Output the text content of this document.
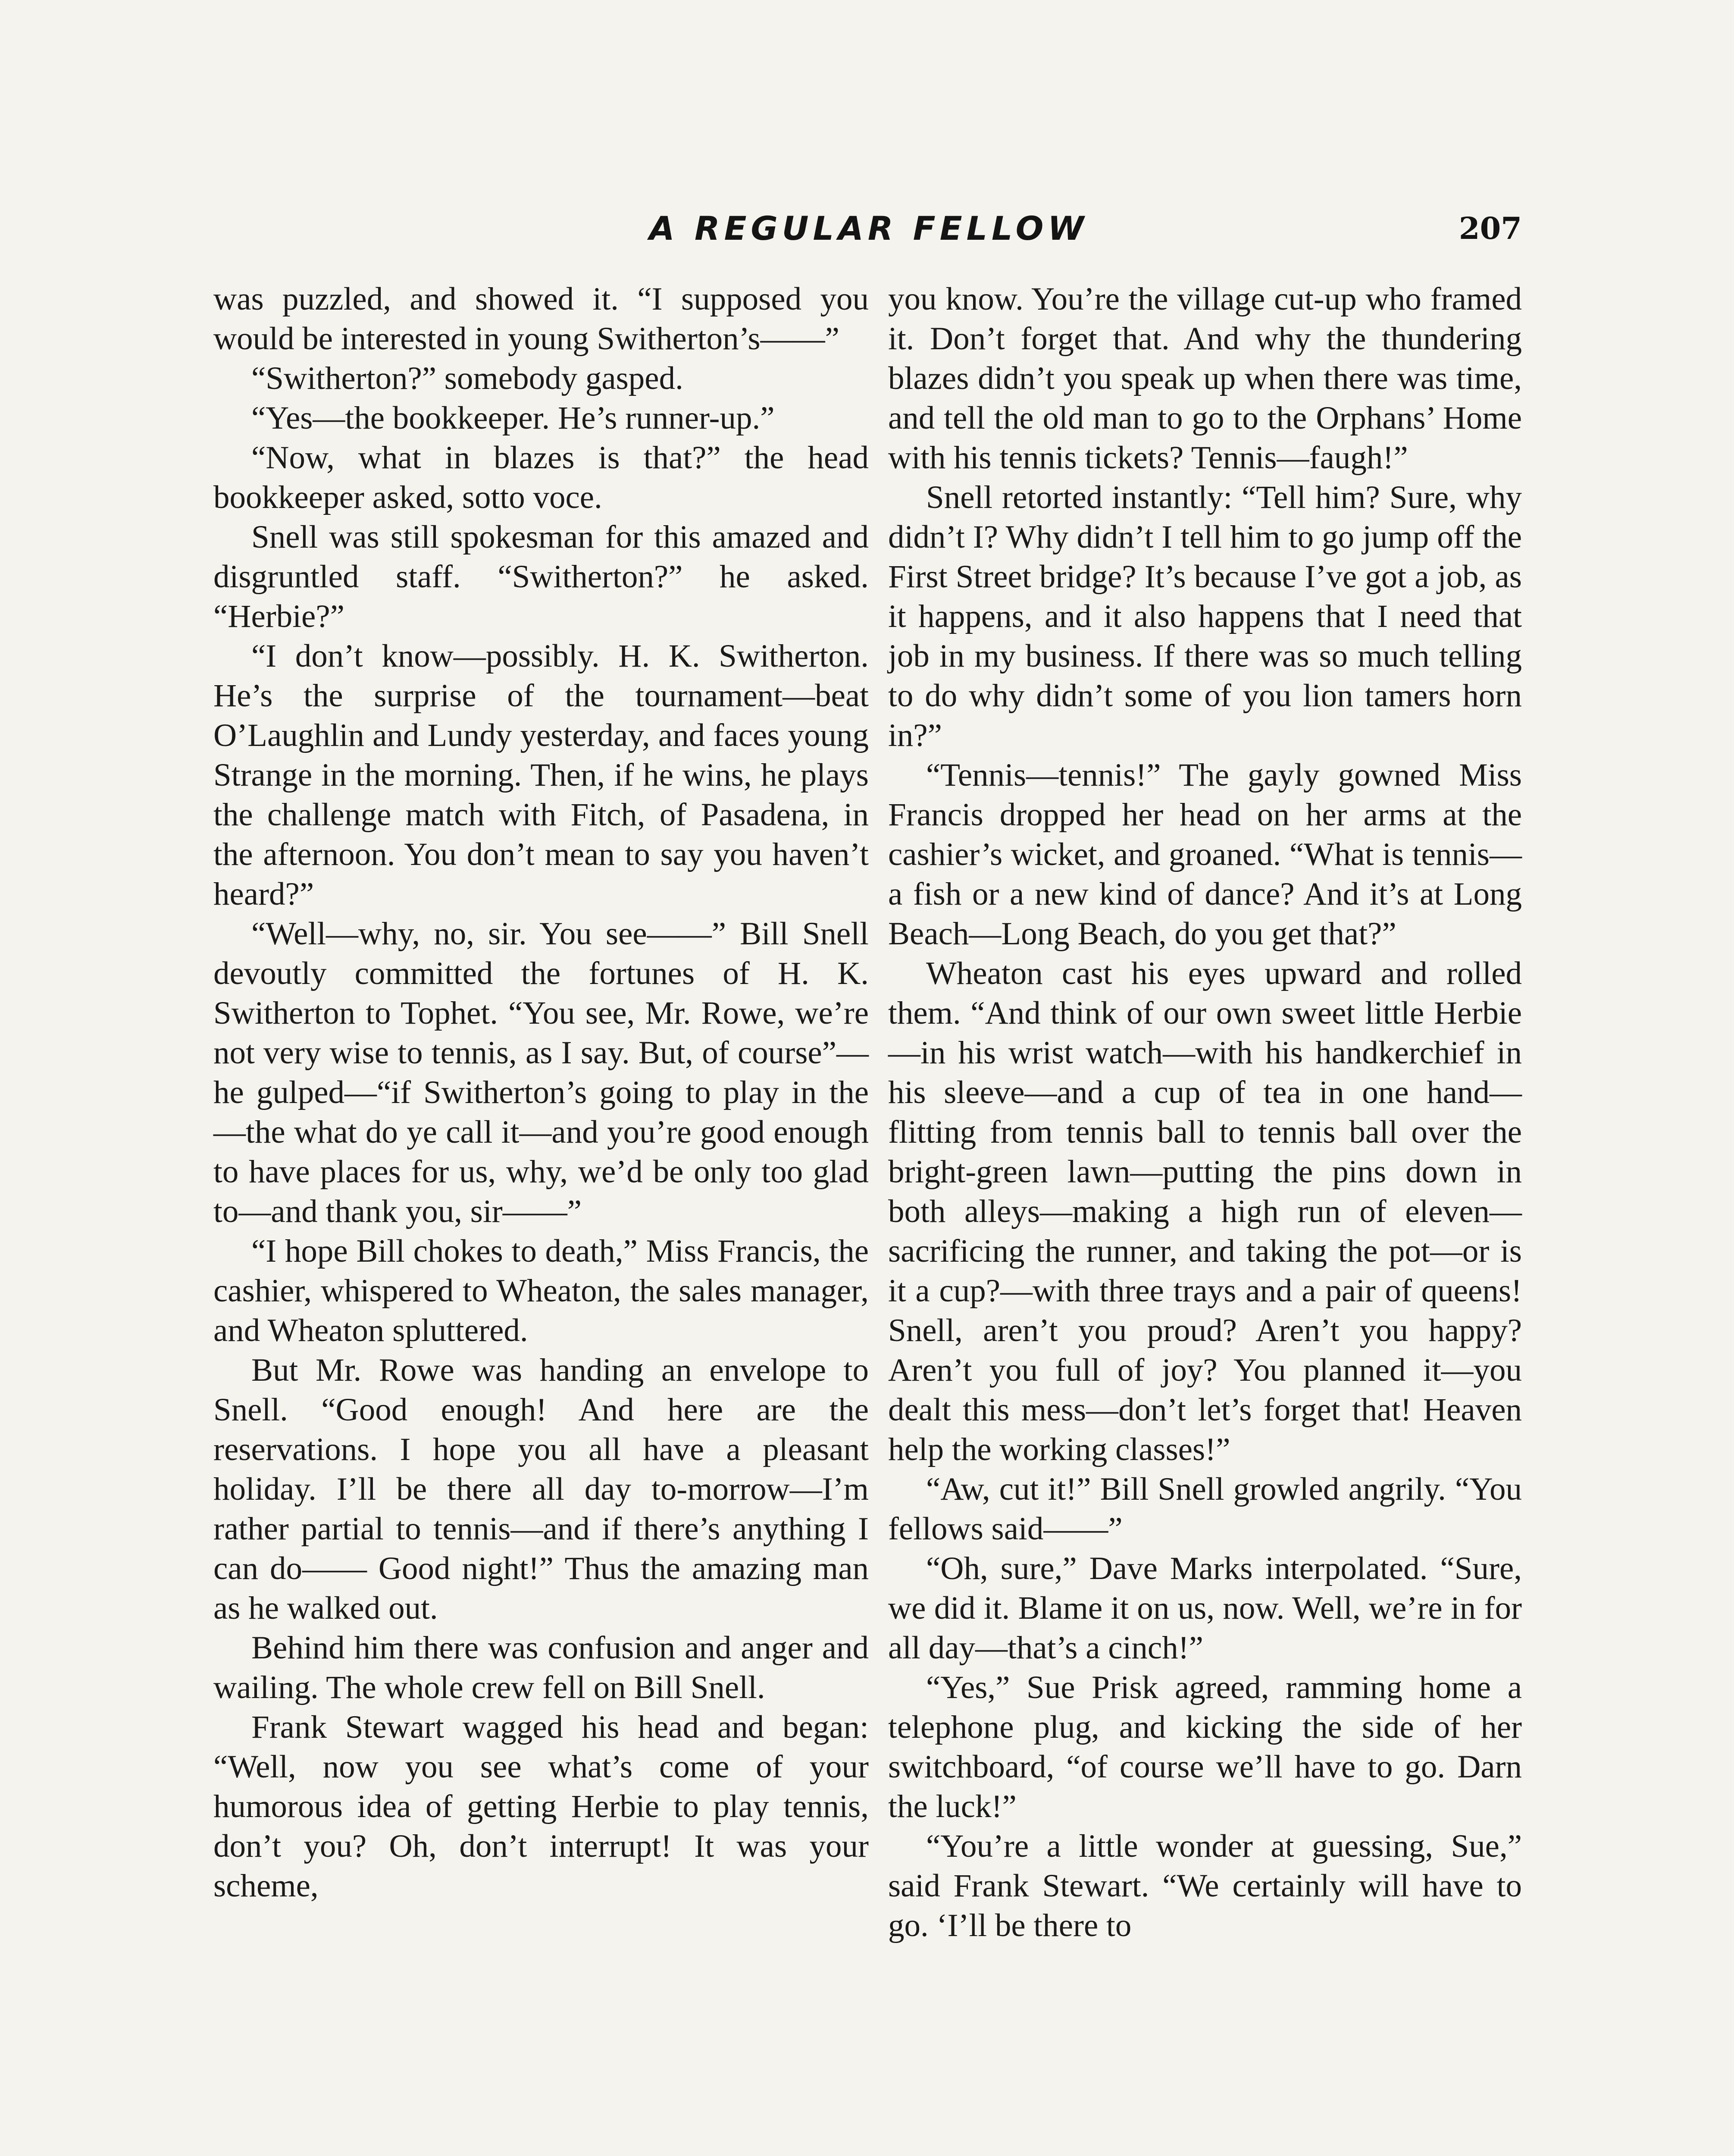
A REGULAR FELLOW	207

was puzzled, and showed it. “I supposed you would be interested in young Switherton’s——”

“Switherton?” somebody gasped.

“Yes—the bookkeeper. He’s runner-up.”

“Now, what in blazes is that?” the head bookkeeper asked, sotto voce.

Snell was still spokesman for this amazed and disgruntled staff. “Switherton?” he asked. “Herbie?”

“I don’t know—possibly. H. K. Switherton. He’s the surprise of the tournament—beat O’Laughlin and Lundy yesterday, and faces young Strange in the morning. Then, if he wins, he plays the challenge match with Fitch, of Pasadena, in the afternoon. You don’t mean to say you haven’t heard?”

“Well—why, no, sir. You see——” Bill Snell devoutly committed the fortunes of H. K. Switherton to Tophet. “You see, Mr. Rowe, we’re not very wise to tennis, as I say. But, of course”—he gulped—“if Switherton’s going to play in the—the what do ye call it—and you’re good enough to have places for us, why, we’d be only too glad to—and thank you, sir——”

“I hope Bill chokes to death,” Miss Francis, the cashier, whispered to Wheaton, the sales manager, and Wheaton spluttered.

But Mr. Rowe was handing an envelope to Snell. “Good enough! And here are the reservations. I hope you all have a pleasant holiday. I’ll be there all day to-morrow—I’m rather partial to tennis—and if there’s anything I can do—— Good night!” Thus the amazing man as he walked out.

Behind him there was confusion and anger and wailing. The whole crew fell on Bill Snell.

Frank Stewart wagged his head and began: “Well, now you see what’s come of your humorous idea of getting Herbie to play tennis, don’t you? Oh, don’t interrupt! It was your scheme,

you know. You’re the village cut-up who framed it. Don’t forget that. And why the thundering blazes didn’t you speak up when there was time, and tell the old man to go to the Orphans’ Home with his tennis tickets? Tennis—faugh!”

Snell retorted instantly: “Tell him? Sure, why didn’t I? Why didn’t I tell him to go jump off the First Street bridge? It’s because I’ve got a job, as it happens, and it also happens that I need that job in my business. If there was so much telling to do why didn’t some of you lion tamers horn in?”

“Tennis—tennis!” The gayly gowned Miss Francis dropped her head on her arms at the cashier’s wicket, and groaned. “What is tennis—a fish or a new kind of dance? And it’s at Long Beach—Long Beach, do you get that?”

Wheaton cast his eyes upward and rolled them. “And think of our own sweet little Herbie—in his wrist watch—with his handkerchief in his sleeve—and a cup of tea in one hand—flitting from tennis ball to tennis ball over the bright-green lawn—putting the pins down in both alleys—making a high run of eleven—sacrificing the runner, and taking the pot—or is it a cup?—with three trays and a pair of queens! Snell, aren’t you proud? Aren’t you happy? Aren’t you full of joy? You planned it—you dealt this mess—don’t let’s forget that! Heaven help the working classes!”

“Aw, cut it!” Bill Snell growled angrily. “You fellows said——”

“Oh, sure,” Dave Marks interpolated. “Sure, we did it. Blame it on us, now. Well, we’re in for all day—that’s a cinch!”

“Yes,” Sue Prisk agreed, ramming home a telephone plug, and kicking the side of her switchboard, “of course we’ll have to go. Darn the luck!”

“You’re a little wonder at guessing, Sue,” said Frank Stewart. “We certainly will have to go. ‘I’ll be there to
